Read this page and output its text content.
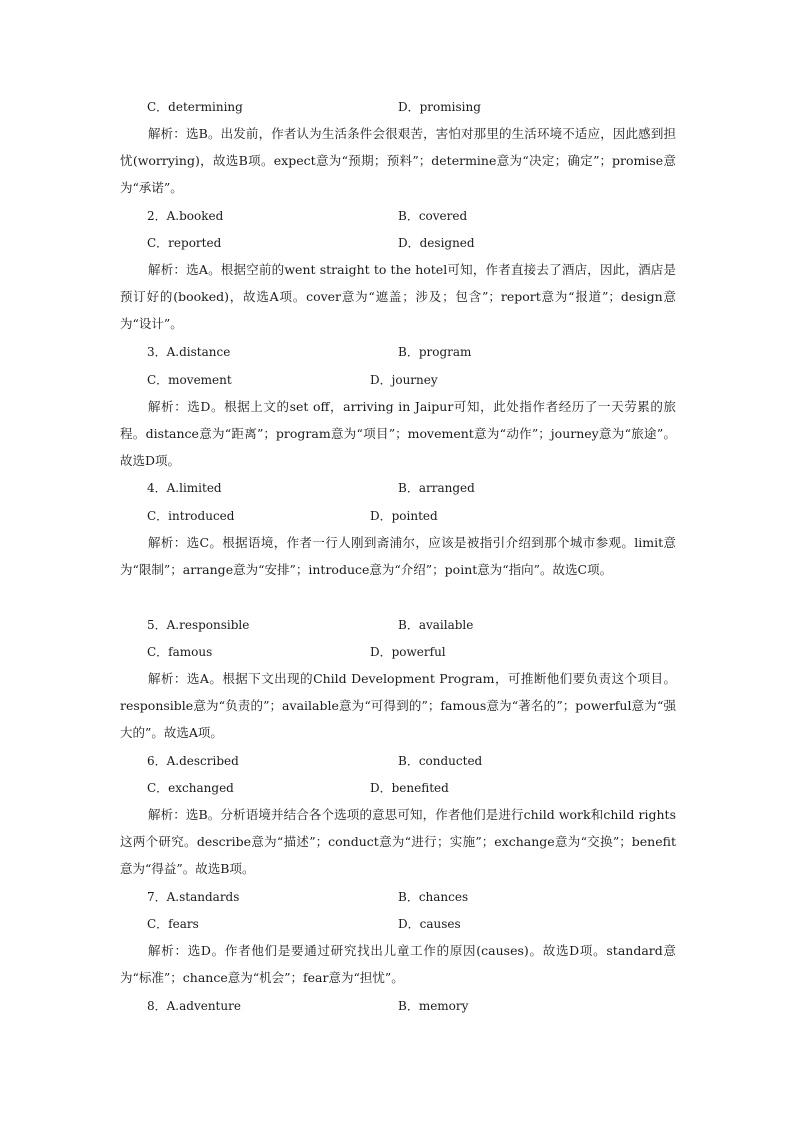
C．determining	D．promising

解析：选B。出发前，作者认为生活条件会很艰苦，害怕对那里的生活环境不适应，因此感到担忧(worrying)，故选B项。expect意为“预期；预料”；determine意为“决定；确定”；promise意为“承诺”。

2．A.booked	B．covered
C．reported	D．designed

解析：选A。根据空前的went straight to the hotel可知，作者直接去了酒店，因此，酒店是预订好的(booked)，故选A项。cover意为“遮盖；涉及；包含”；report意为“报道”；design意为“设计”。

3．A.distance	B．program
C．movement	D．journey

解析：选D。根据上文的set off，arriving in Jaipur可知，此处指作者经历了一天劳累的旅程。distance意为“距离”；program意为“项目”；movement意为“动作”；journey意为“旅途”。故选D项。

4．A.limited	B．arranged
C．introduced	D．pointed

解析：选C。根据语境，作者一行人刚到斋浦尔，应该是被指引介绍到那个城市参观。limit意为“限制”；arrange意为“安排”；introduce意为“介绍”；point意为“指向”。故选C项。

5．A.responsible	B．available
C．famous	D．powerful

解析：选A。根据下文出现的Child Development Program，可推断他们要负责这个项目。responsible意为“负责的”；available意为“可得到的”；famous意为“著名的”；powerful意为“强大的”。故选A项。

6．A.described	B．conducted
C．exchanged	D．benefited

解析：选B。分析语境并结合各个选项的意思可知，作者他们是进行child work和child rights这两个研究。describe意为“描述”；conduct意为“进行；实施”；exchange意为“交换”；benefit意为“得益”。故选B项。

7．A.standards	B．chances
C．fears	D．causes

解析：选D。作者他们是要通过研究找出儿童工作的原因(causes)。故选D项。standard意为“标准”；chance意为“机会”；fear意为“担忧”。

8．A.adventure	B．memory
